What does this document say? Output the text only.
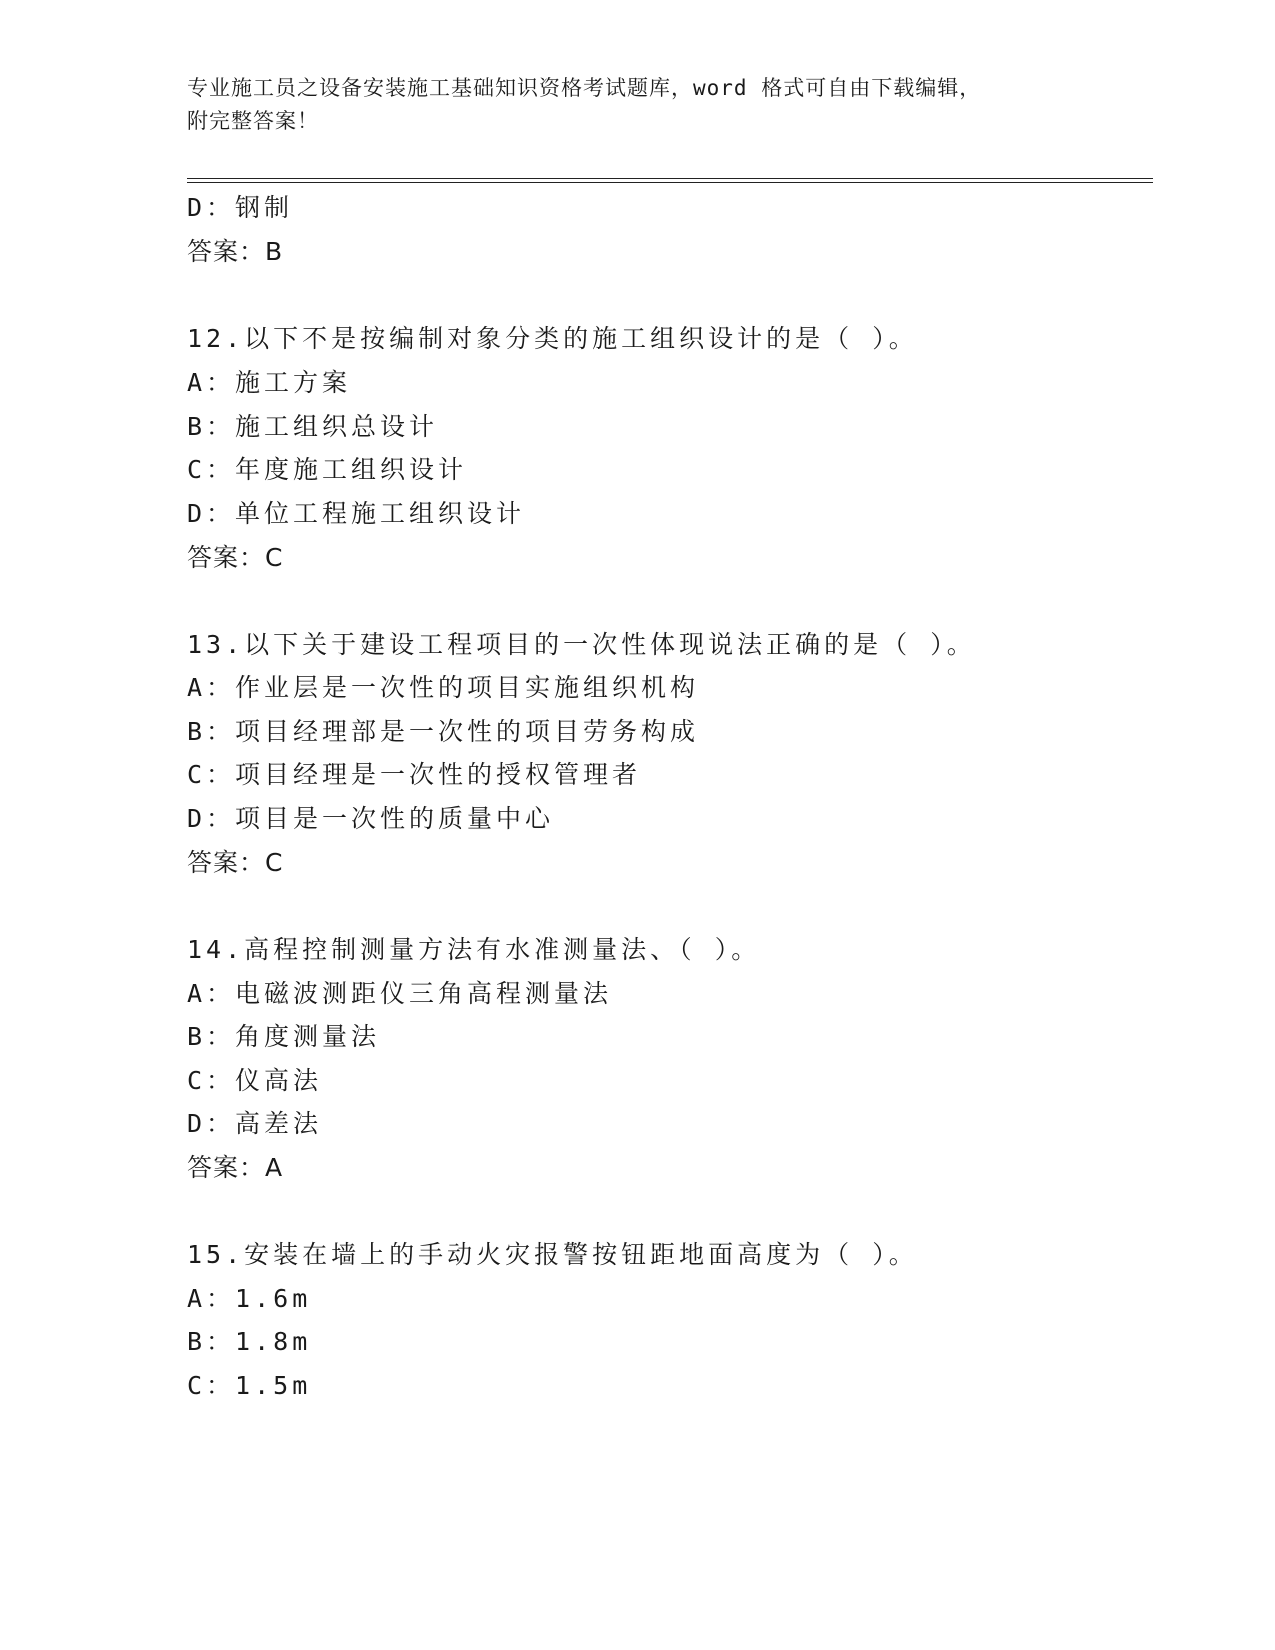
专业施工员之设备安装施工基础知识资格考试题库，word 格式可自由下载编辑，
附完整答案！
D：钢制
答案：B
12.以下不是按编制对象分类的施工组织设计的是（ ）。
A：施工方案
B：施工组织总设计
C：年度施工组织设计
D：单位工程施工组织设计
答案：C
13.以下关于建设工程项目的一次性体现说法正确的是（ ）。
A：作业层是一次性的项目实施组织机构
B：项目经理部是一次性的项目劳务构成
C：项目经理是一次性的授权管理者
D：项目是一次性的质量中心
答案：C
14.高程控制测量方法有水准测量法、（ ）。
A：电磁波测距仪三角高程测量法
B：角度测量法
C：仪高法
D：高差法
答案：A
15.安装在墙上的手动火灾报警按钮距地面高度为（ ）。
A：1.6m
B：1.8m
C：1.5m
